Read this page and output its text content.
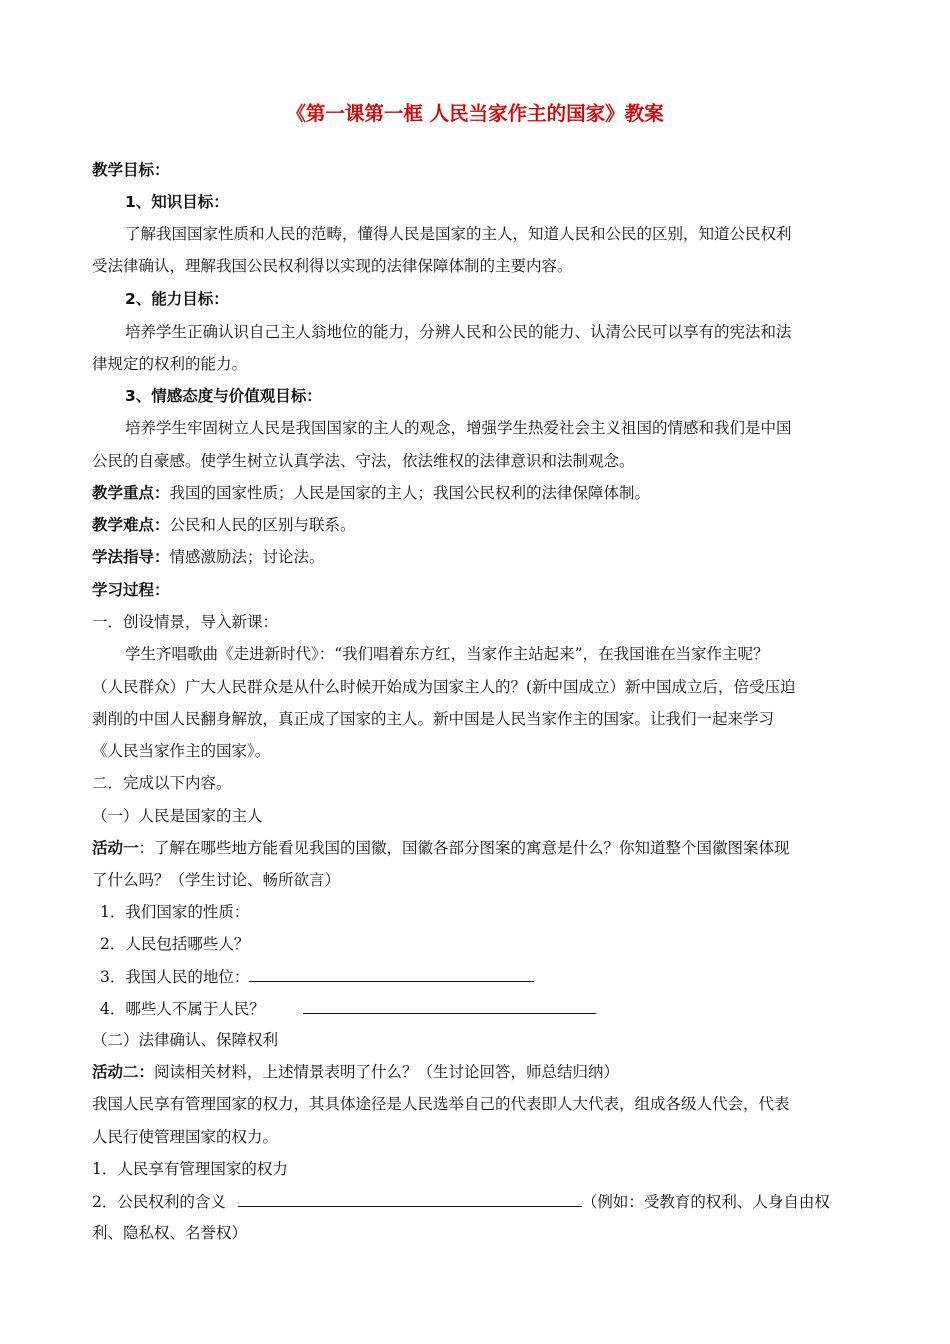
《第一课第一框 人民当家作主的国家》教案
教学目标：
1、知识目标：
了解我国国家性质和人民的范畴，懂得人民是国家的主人，知道人民和公民的区别，知道公民权利
受法律确认，理解我国公民权利得以实现的法律保障体制的主要内容。
2、能力目标：
培养学生正确认识自己主人翁地位的能力，分辨人民和公民的能力、认清公民可以享有的宪法和法
律规定的权利的能力。
3、情感态度与价值观目标：
培养学生牢固树立人民是我国国家的主人的观念，增强学生热爱社会主义祖国的情感和我们是中国
公民的自豪感。使学生树立认真学法、守法，依法维权的法律意识和法制观念。
教学重点：我国的国家性质；人民是国家的主人；我国公民权利的法律保障体制。
教学难点：公民和人民的区别与联系。
学法指导：情感激励法；讨论法。
学习过程：
一．创设情景，导入新课：
学生齐唱歌曲《走进新时代》：“我们唱着东方红，当家作主站起来”，在我国谁在当家作主呢？
（人民群众）广大人民群众是从什么时候开始成为国家主人的？(新中国成立）新中国成立后，倍受压迫
剥削的中国人民翻身解放，真正成了国家的主人。新中国是人民当家作主的国家。让我们一起来学习
《人民当家作主的国家》。
二．完成以下内容。
（一）人民是国家的主人
活动一：了解在哪些地方能看见我国的国徽，国徽各部分图案的寓意是什么？你知道整个国徽图案体现
了什么吗？（学生讨论、畅所欲言）
1．我们国家的性质：
2．人民包括哪些人？
3．我国人民的地位：
4．哪些人不属于人民？
（二）法律确认、保障权利
活动二：阅读相关材料，上述情景表明了什么？（生讨论回答，师总结归纳）
我国人民享有管理国家的权力，其具体途径是人民选举自己的代表即人大代表，组成各级人代会，代表
人民行使管理国家的权力。
1．人民享有管理国家的权力
2．公民权利的含义	（例如：受教育的权利、人身自由权
利、隐私权、名誉权）
